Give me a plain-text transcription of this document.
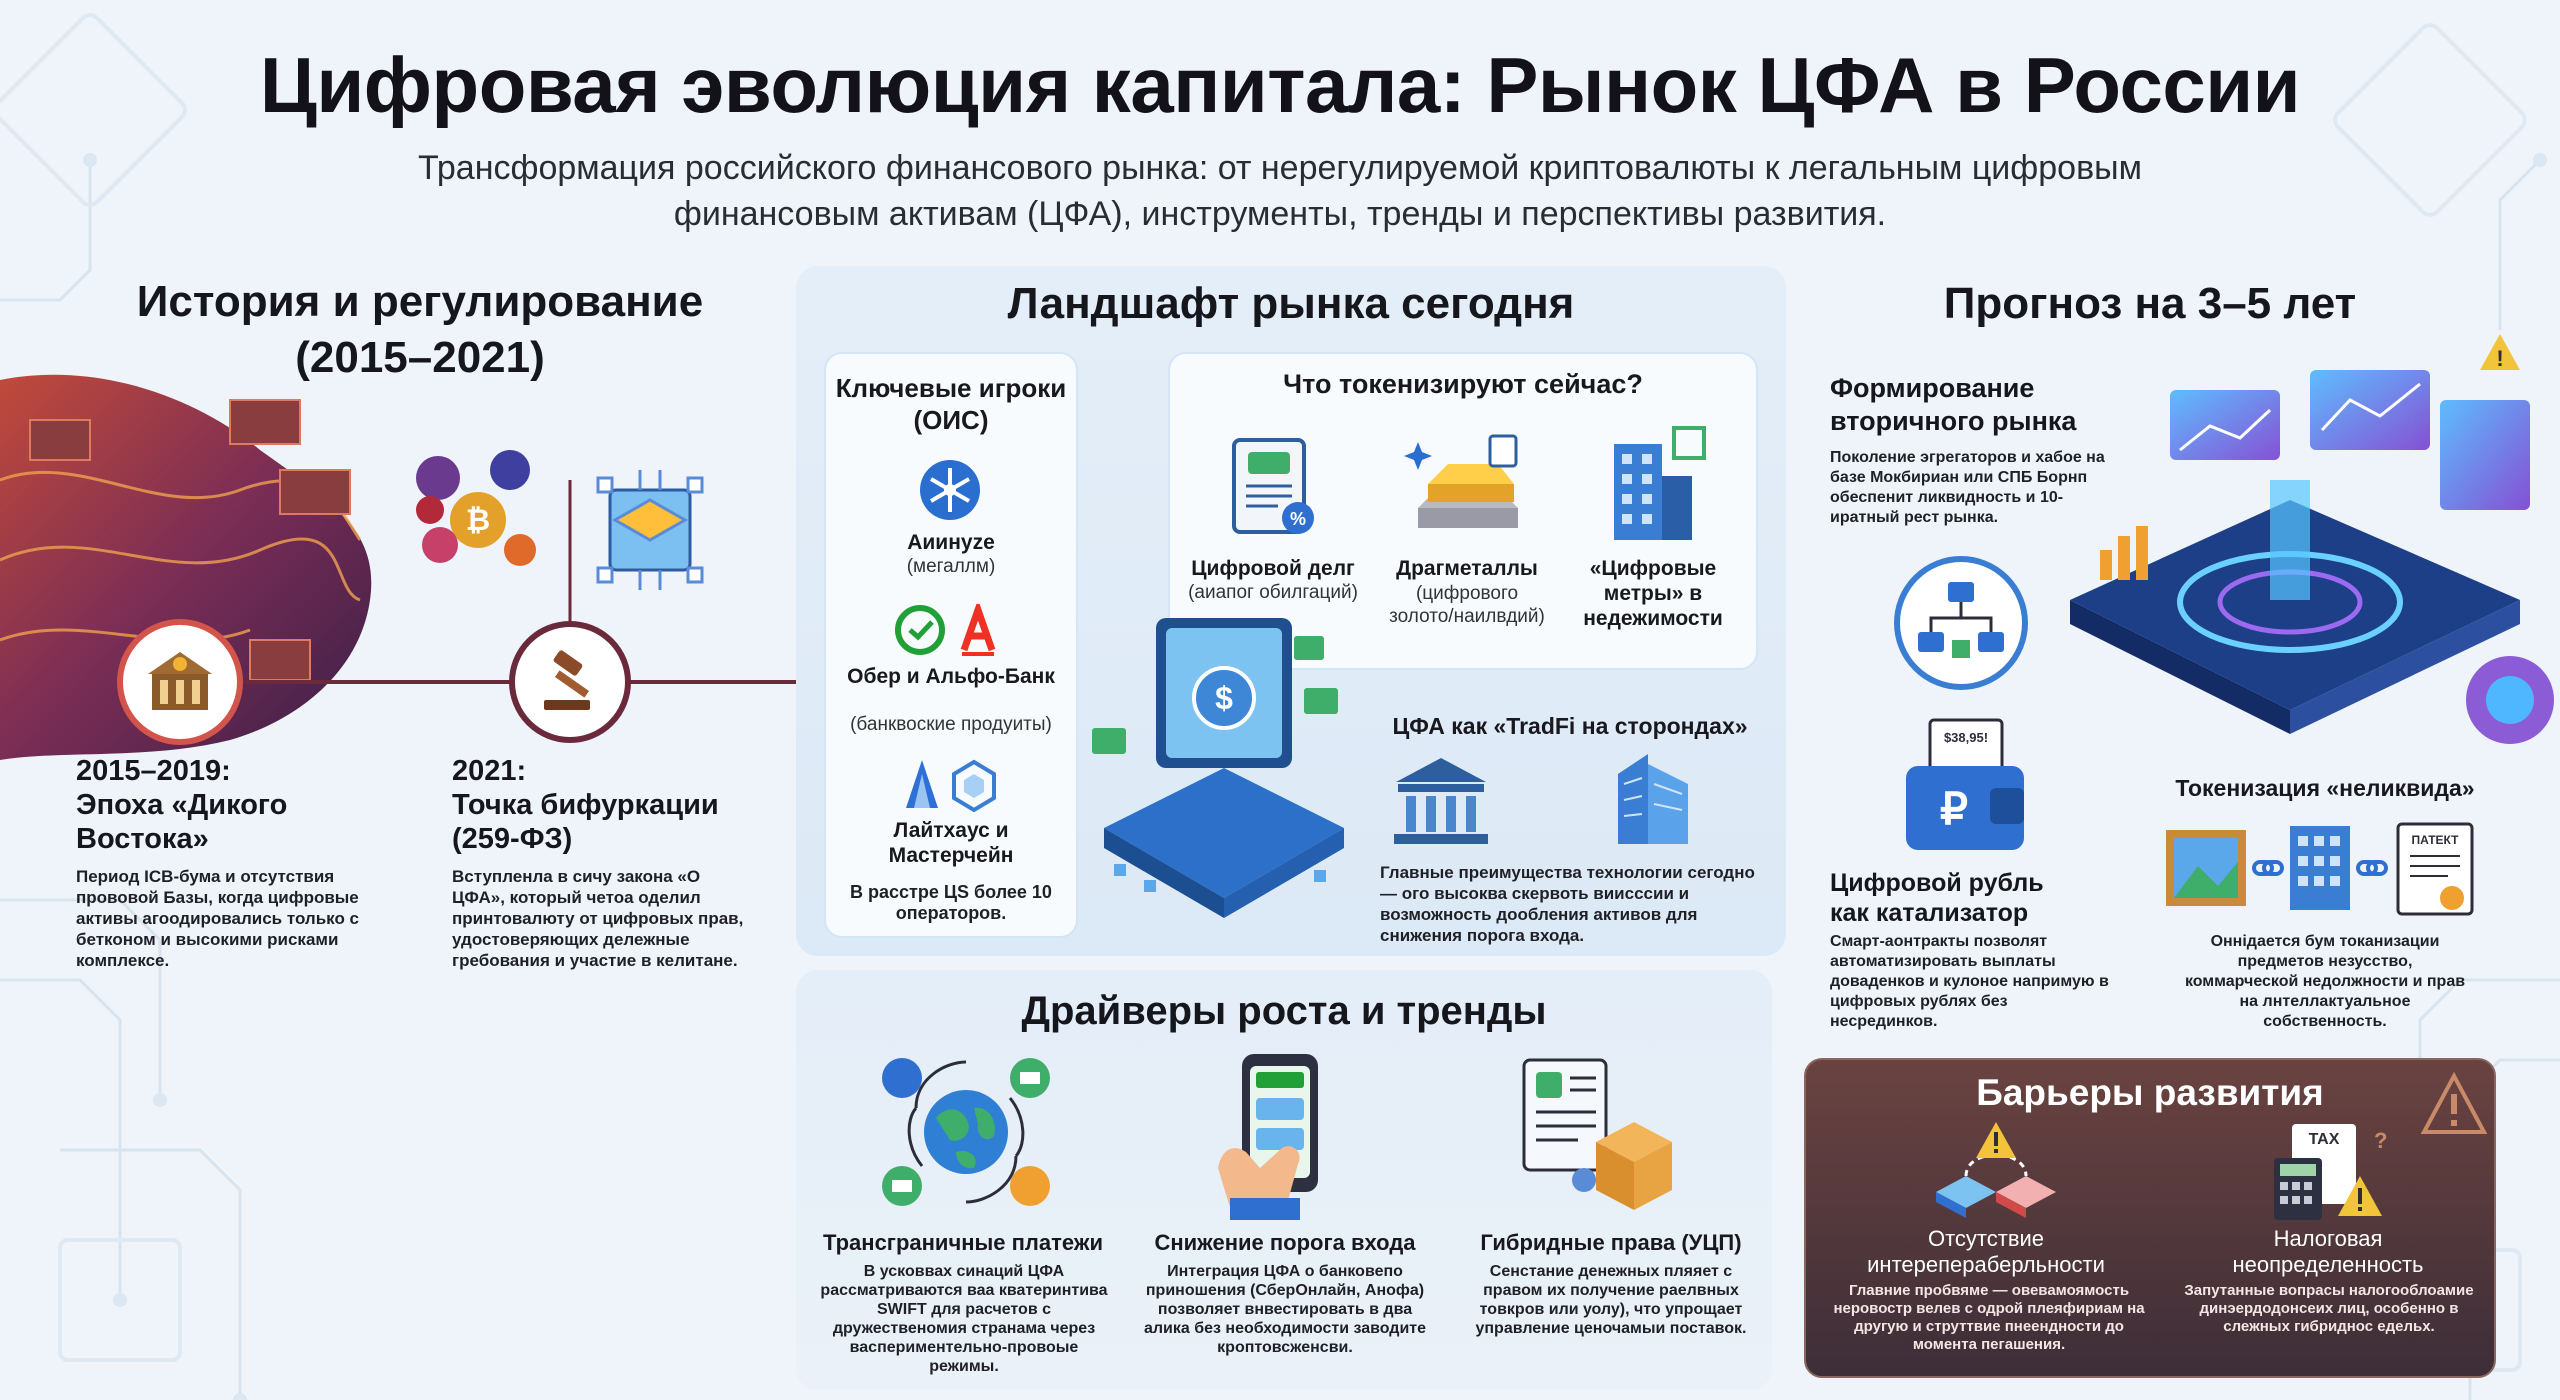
Цифровая эволюция капитала: Рынок ЦФА в России
Трансформация российского финансового рынка: от нерегулируемой криптовалюты к легальным цифровым финансовым активам (ЦФА), инструменты, тренды и перспективы развития.
История и регулирование
(2015–2021)
₿
2015–2019:
Эпоха «Дикого
Востока»
Период ICB-бума и отсутствия прововой Базы, когда цифровые активы агоодировались только с бетконом и высокими рисками комплексе.
2021:
Точка бифуркации
(259-ФЗ)
Вступленла в сичу закона «О ЦФА», который четоа оделил принтовалюту от цифровых прав, удостоверяющих дележные гребования и участие в келитане.
Ландшафт рынка сегодня
Ключевые игроки (ОИС)
Аиинуzе
(мегаллм)
Обер и Альфо-Банк
(банквоские продуиты)
Лайтхаус и Мастерчейн
В расстре ЦS более 10 операторов.
Что токенизируют сейчас?
%
Цифровой делг
(аиапог обилгаций)
Драгметаллы
(цифрового золото/наилвдий)
«Цифровые метры» в недежимости
$
ЦФА как «TradFi на сторондах»
Главные преимущества технологии сегодно — ого высоква скервоть виисссии и возможность дообления активов для снижения порога входа.
Драйверы роста и тренды
Трансграничные платежи
В усковвах синаций ЦФА рассматриваются ваа кватеринтива SWIFT для расчетов с дружественомия странама через васпериментельно-провоые режимы.
Снижение порога входа
Интеграция ЦФА о банковепо приношения (СберОнлайн, Анофа) позволяет внвестировать в два алика без необходимости заводите кроптовсженсви.
Гибридные права (УЦП)
Сенстание денежных пляяет с правом их получение раелвных товкров или уолу), что упрощает управление ценочамыи поставок.
Прогноз на 3–5 лет
Формирование
вторичного рынка
Поколение эгрегаторов и хабое на базе Мокбириан или СПБ Борнп обеспенит ликвидность и 10-иратный рест рынка.
!
$38,95!
₽
Цифровой рубль
как катализатор
Смарт-аонтракты позволят автоматизировать выплаты доваденков и кулоное напримую в цифровых рублях без несрединков.
Токенизация «неликвида»
ПАТЕКТ
Оннідается бум токанизации предметов незусство, коммарческой недолжности и прав на лнтеллактуальное собственность.
Барьеры развития
Отсутствие
интерепераберльности
Главние пробвяме — овевамоямость неровостр велев с одрой плеяфириам на другую и струттвие пнеендности до момента пегашения.
TAX ?
Налоговая
неопределенность
Запутанные вопрасы налогооблоамие динэердодонсеих лиц, особенно в слежных гибриднос едельх.
